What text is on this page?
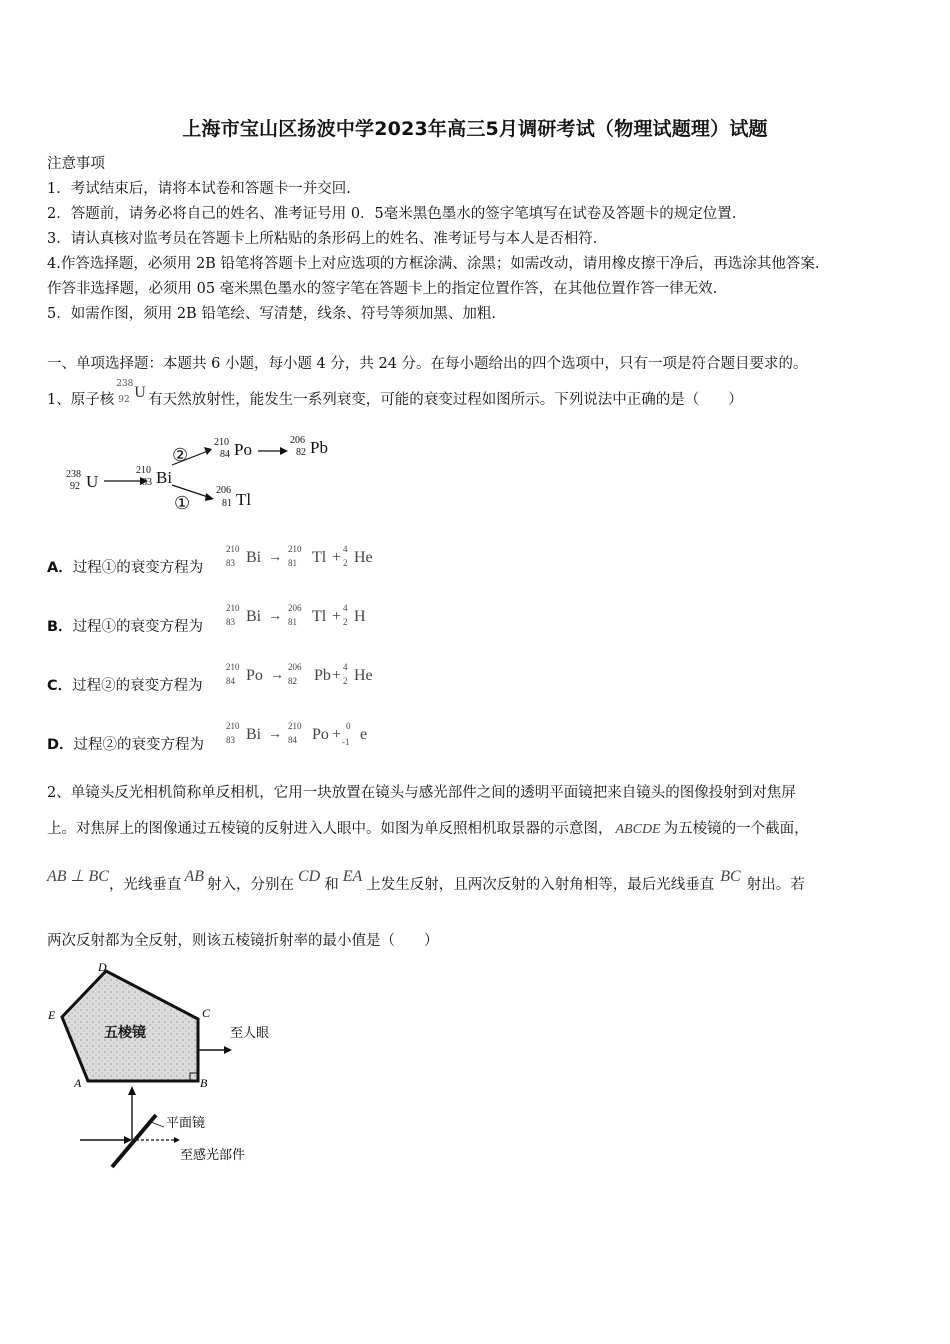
上海市宝山区扬波中学2023年高三5月调研考试（物理试题理）试题
注意事项
1．考试结束后，请将本试卷和答题卡一并交回.
2．答题前，请务必将自己的姓名、准考证号用 0．5毫米黑色墨水的签字笔填写在试卷及答题卡的规定位置.
3．请认真核对监考员在答题卡上所粘贴的条形码上的姓名、准考证号与本人是否相符.
4.作答选择题，必须用 2B 铅笔将答题卡上对应选项的方框涂满、涂黑；如需改动，请用橡皮擦干净后，再选涂其他答案.
作答非选择题，必须用 05 毫米黑色墨水的签字笔在答题卡上的指定位置作答，在其他位置作答一律无效.
5．如需作图，须用 2B 铅笔绘、写清楚，线条、符号等须加黑、加粗.
一、单项选择题：本题共 6 小题，每小题 4 分，共 24 分。在每小题给出的四个选项中，只有一项是符合题目要求的。
1、原子核
238
92 U 有天然放射性，能发生一系列衰变，可能的衰变过程如图所示。下列说法中正确的是（　　）
238
92 U
210
83 Bi
②
210
84 Po	206
82 Pb
①
206
81 Tl
A．过程①的衰变方程为
210
83 Bi →
210
81 Tl + 4
2 He
B．过程①的衰变方程为
210
83 Bi →
206
81 Tl + 4
2 H
C．过程②的衰变方程为
210
84 Po →
206
82 Pb + 4
2 He
D．过程②的衰变方程为
210
83 Bi →
210
84 Po + 0
-1 e
2、单镜头反光相机简称单反相机，它用一块放置在镜头与感光部件之间的透明平面镜把来自镜头的图像投射到对焦屏
上。对焦屏上的图像通过五棱镜的反射进入人眼中。如图为单反照相机取景器的示意图， ABCDE 为五棱镜的一个截面，
AB ⊥ BC，光线垂直 AB 射入，分别在 CD 和 EA 上发生反射，且两次反射的入射角相等，最后光线垂直 BC 射出。若
两次反射都为全反射，则该五棱镜折射率的最小值是（　　）
五棱镜
D
E	C
A	B
至人眼
平面镜
至感光部件
